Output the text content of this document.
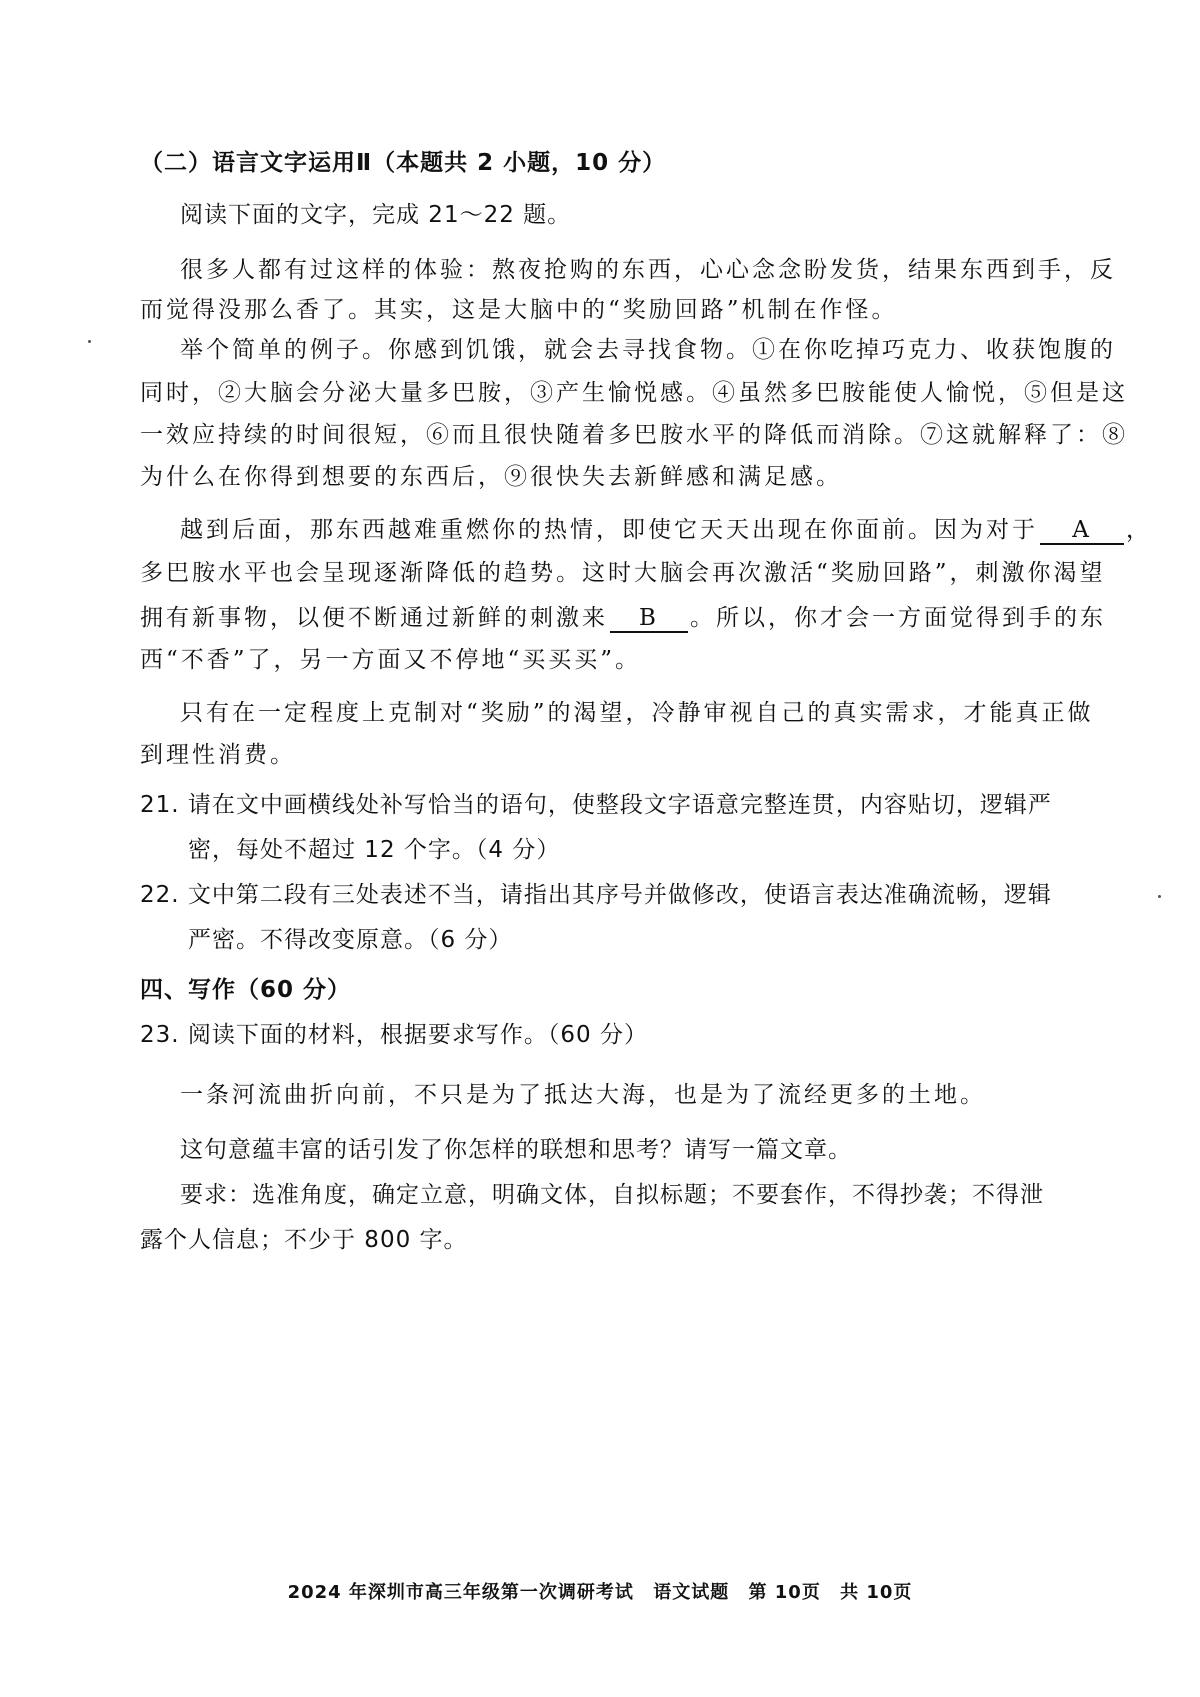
（二）语言文字运用Ⅱ（本题共 2 小题，10 分）
阅读下面的文字，完成 21～22 题。
很多人都有过这样的体验：熬夜抢购的东西，心心念念盼发货，结果东西到手，反
而觉得没那么香了。其实，这是大脑中的“奖励回路”机制在作怪。
举个简单的例子。你感到饥饿，就会去寻找食物。①在你吃掉巧克力、收获饱腹的
同时，②大脑会分泌大量多巴胺，③产生愉悦感。④虽然多巴胺能使人愉悦，⑤但是这
一效应持续的时间很短，⑥而且很快随着多巴胺水平的降低而消除。⑦这就解释了：⑧
为什么在你得到想要的东西后，⑨很快失去新鲜感和满足感。
越到后面，那东西越难重燃你的热情，即使它天天出现在你面前。因为对于 A ，
多巴胺水平也会呈现逐渐降低的趋势。这时大脑会再次激活“奖励回路”，刺激你渴望
拥有新事物，以便不断通过新鲜的刺激来 B 。所以，你才会一方面觉得到手的东
西“不香”了，另一方面又不停地“买买买”。
只有在一定程度上克制对“奖励”的渴望，冷静审视自己的真实需求，才能真正做
到理性消费。
21. 请在文中画横线处补写恰当的语句，使整段文字语意完整连贯，内容贴切，逻辑严
密，每处不超过 12 个字。（4 分）
22. 文中第二段有三处表述不当，请指出其序号并做修改，使语言表达准确流畅，逻辑
严密。不得改变原意。（6 分）
四、写作（60 分）
23. 阅读下面的材料，根据要求写作。（60 分）
一条河流曲折向前，不只是为了抵达大海，也是为了流经更多的土地。
这句意蕴丰富的话引发了你怎样的联想和思考？请写一篇文章。
要求：选准角度，确定立意，明确文体，自拟标题；不要套作，不得抄袭；不得泄
露个人信息；不少于 800 字。
2024 年深圳市高三年级第一次调研考试 语文试题 第 10页 共 10页
